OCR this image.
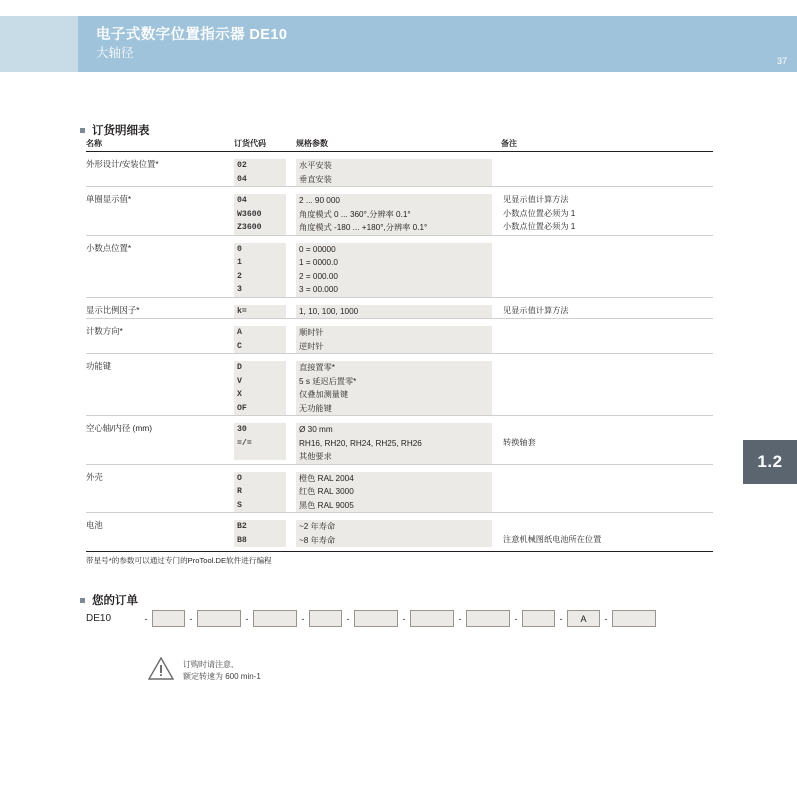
电子式数字位置指示器 DE10
大轴径
37
1.2
订货明细表
名称	订货代码	规格参数	备注
外形设计/安装位置*	02	水平安装	

	04	垂直安装	

单圈显示值*	04	2 ... 90 000	见显示值计算方法

	W3600	角度模式 0 ... 360°,分辨率 0.1°	小数点位置必须为 1

	Z3600	角度模式 -180 ... +180°,分辨率 0.1°	小数点位置必须为 1

小数点位置*	0	0 = 00000	

	1	1 = 0000.0	

	2	2 = 000.00	

	3	3 = 00.000	

显示比例因子*	k=	1, 10, 100, 1000	见显示值计算方法

计数方向*	A	顺时针	

	C	逆时针	

功能键	D	直接置零*	

	V	5 s 延迟后置零*	

	X	仅叠加测量键	

	OF	无功能键	

空心轴/内径 (mm)	30	Ø 30 mm	

	=/=	RH16, RH20, RH24, RH25, RH26	转换轴套

		其他要求	

外壳	O	橙色 RAL 2004	

	R	红色 RAL 3000	

	S	黑色 RAL 9005	

电池	B2	~2 年寿命	

	B8	~8 年寿命	注意机械图纸电池所在位置
带星号*的参数可以通过专门的ProTool.DE软件进行编程
您的订单
DE10	-	-	-	-	-	-	-	-	-	A	-
订购时请注意,
额定转速为 600 min-1
